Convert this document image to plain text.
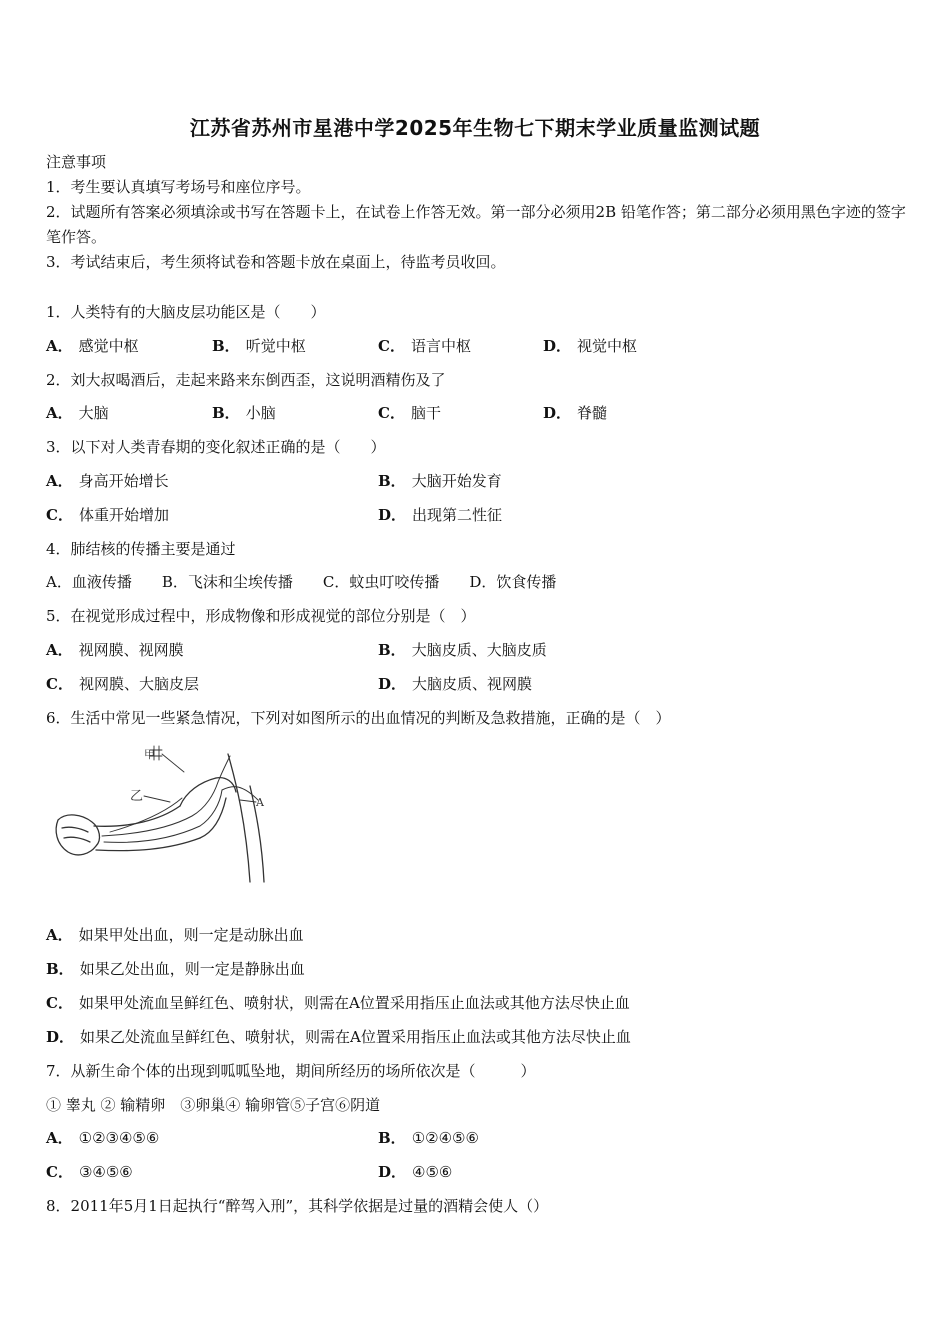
江苏省苏州市星港中学2025年生物七下期末学业质量监测试题
注意事项
1．考生要认真填写考场号和座位序号。
2．试题所有答案必须填涂或书写在答题卡上，在试卷上作答无效。第一部分必须用2B 铅笔作答；第二部分必须用黑色字迹的签字笔作答。
3．考试结束后，考生须将试卷和答题卡放在桌面上，待监考员收回。
1．人类特有的大脑皮层功能区是（　　）
A． 感觉中枢	B． 听觉中枢	C． 语言中枢	D． 视觉中枢
2．刘大叔喝酒后，走起来路来东倒西歪，这说明酒精伤及了
A． 大脑	B． 小脑	C． 脑干	D． 脊髓
3．以下对人类青春期的变化叙述正确的是（　　）
A． 身高开始增长	B． 大脑开始发育
C． 体重开始增加	D． 出现第二性征
4．肺结核的传播主要是通过
A．血液传播　　B．飞沫和尘埃传播　　C．蚊虫叮咬传播　　D．饮食传播
5．在视觉形成过程中，形成物像和形成视觉的部位分别是（　）
A． 视网膜、视网膜	B． 大脑皮质、大脑皮质
C． 视网膜、大脑皮层	D． 大脑皮质、视网膜
6．生活中常见一些紧急情况，下列对如图所示的出血情况的判断及急救措施，正确的是（　）
甲
乙	A
A． 如果甲处出血，则一定是动脉出血
B． 如果乙处出血，则一定是静脉出血
C． 如果甲处流血呈鲜红色、喷射状，则需在A位置采用指压止血法或其他方法尽快止血
D． 如果乙处流血呈鲜红色、喷射状，则需在A位置采用指压止血法或其他方法尽快止血
7．从新生命个体的出现到呱呱坠地，期间所经历的场所依次是（　　　）
① 睾丸 ② 输精卵　③卵巢④ 输卵管⑤子宫⑥阴道
A． ①②③④⑤⑥	B． ①②④⑤⑥
C． ③④⑤⑥	D． ④⑤⑥
8．2011年5月1日起执行“醉驾入刑”，其科学依据是过量的酒精会使人（）
